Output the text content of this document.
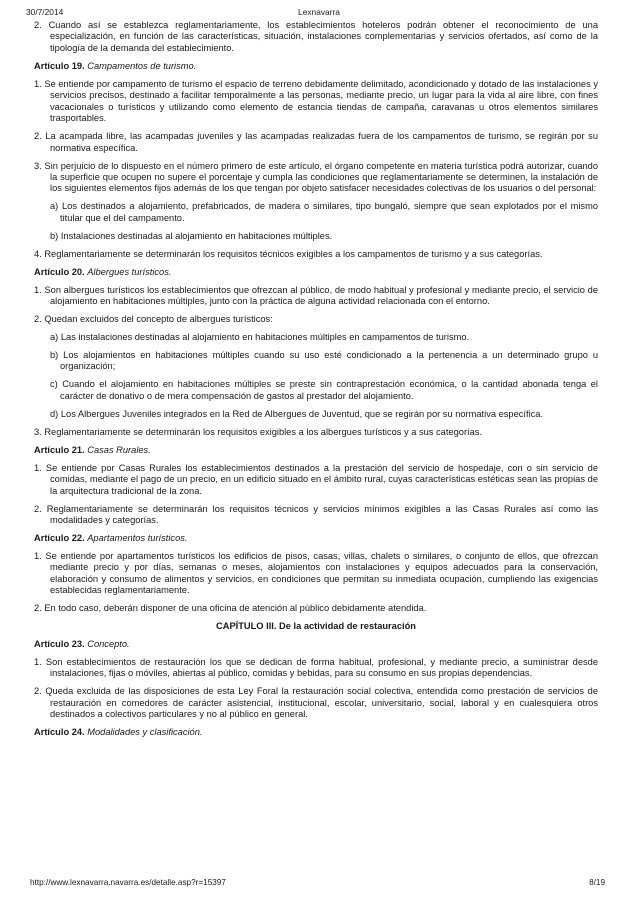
30/7/2014	Lexnavarra

2. Cuando así se establezca reglamentariamente, los establecimientos hoteleros podrán obtener el reconocimiento de una especialización, en función de las características, situación, instalaciones complementarias y servicios ofertados, así como de la tipología de la demanda del establecimiento.

Artículo 19. Campamentos de turismo.

1. Se entiende por campamento de turismo el espacio de terreno debidamente delimitado, acondicionado y dotado de las instalaciones y servicios precisos, destinado a facilitar temporalmente a las personas, mediante precio, un lugar para la vida al aire libre, con fines vacacionales o turísticos y utilizando como elemento de estancia tiendas de campaña, caravanas u otros elementos similares trasportables.

2. La acampada libre, las acampadas juveniles y las acampadas realizadas fuera de los campamentos de turismo, se regirán por su normativa específica.

3. Sin perjuicio de lo dispuesto en el número primero de este artículo, el órgano competente en materia turística podrá autorizar, cuando la superficie que ocupen no supere el porcentaje y cumpla las condiciones que reglamentariamente se determinen, la instalación de los siguientes elementos fijos además de los que tengan por objeto satisfacer necesidades colectivas de los usuarios o del personal:

a) Los destinados a alojamiento, prefabricados, de madera o similares, tipo bungaló, siempre que sean explotados por el mismo titular que el del campamento.

b) Instalaciones destinadas al alojamiento en habitaciones múltiples.

4. Reglamentariamente se determinarán los requisitos técnicos exigibles a los campamentos de turismo y a sus categorías.

Artículo 20. Albergues turísticos.

1. Son albergues turísticos los establecimientos que ofrezcan al público, de modo habitual y profesional y mediante precio, el servicio de alojamiento en habitaciones múltiples, junto con la práctica de alguna actividad relacionada con el entorno.

2. Quedan excluidos del concepto de albergues turísticos:

a) Las instalaciones destinadas al alojamiento en habitaciones múltiples en campamentos de turismo.

b) Los alojamientos en habitaciones múltiples cuando su uso esté condicionado a la pertenencia a un determinado grupo u organización;

c) Cuando el alojamiento en habitaciones múltiples se preste sin contraprestación económica, o la cantidad abonada tenga el carácter de donativo o de mera compensación de gastos al prestador del alojamiento.

d) Los Albergues Juveniles integrados en la Red de Albergues de Juventud, que se regirán por su normativa específica.

3. Reglamentariamente se determinarán los requisitos exigibles a los albergues turísticos y a sus categorías.

Artículo 21. Casas Rurales.

1. Se entiende por Casas Rurales los establecimientos destinados a la prestación del servicio de hospedaje, con o sin servicio de comidas, mediante el pago de un precio, en un edificio situado en el ámbito rural, cuyas características estéticas sean las propias de la arquitectura tradicional de la zona.

2. Reglamentariamente se determinarán los requisitos técnicos y servicios mínimos exigibles a las Casas Rurales así como las modalidades y categorías.

Artículo 22. Apartamentos turísticos.

1. Se entiende por apartamentos turísticos los edificios de pisos, casas, villas, chalets o similares, o conjunto de ellos, que ofrezcan mediante precio y por días, semanas o meses, alojamientos con instalaciones y equipos adecuados para la conservación, elaboración y consumo de alimentos y servicios, en condiciones que permitan su inmediata ocupación, cumpliendo las exigencias establecidas reglamentariamente.

2. En todo caso, deberán disponer de una oficina de atención al público debidamente atendida.

CAPÍTULO III. De la actividad de restauración

Artículo 23. Concepto.

1. Son establecimientos de restauración los que se dedican de forma habitual, profesional, y mediante precio, a suministrar desde instalaciones, fijas o móviles, abiertas al público, comidas y bebidas, para su consumo en sus propias dependencias.

2. Queda excluida de las disposiciones de esta Ley Foral la restauración social colectiva, entendida como prestación de servicios de restauración en comedores de carácter asistencial, institucional, escolar, universitario, social, laboral y en cualesquiera otros destinados a colectivos particulares y no al público en general.

Artículo 24. Modalidades y clasificación.

http://www.lexnavarra.navarra.es/detalle.asp?r=15397	8/19
